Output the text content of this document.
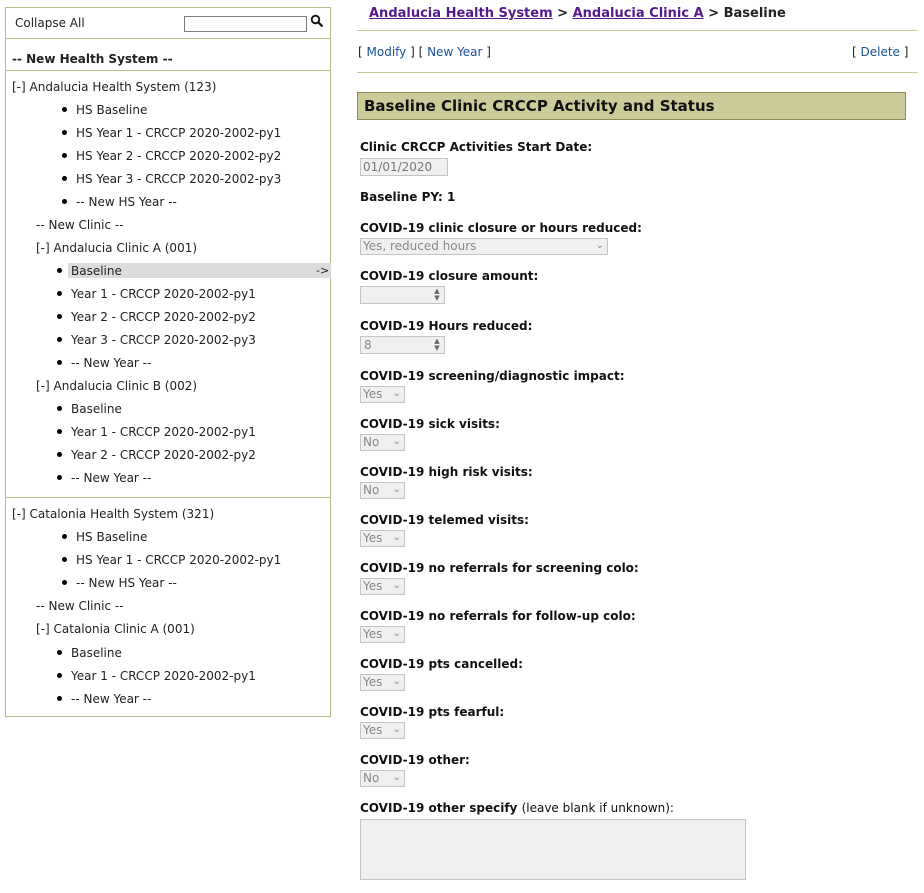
Collapse All
-- New Health System --
[-] Andalucia Health System (123)
HS Baseline
HS Year 1 - CRCCP 2020-2002-py1
HS Year 2 - CRCCP 2020-2002-py2
HS Year 3 - CRCCP 2020-2002-py3
-- New HS Year --
-- New Clinic --
[-] Andalucia Clinic A (001)
Baseline	->
Year 1 - CRCCP 2020-2002-py1
Year 2 - CRCCP 2020-2002-py2
Year 3 - CRCCP 2020-2002-py3
-- New Year --
[-] Andalucia Clinic B (002)
Baseline
Year 1 - CRCCP 2020-2002-py1
Year 2 - CRCCP 2020-2002-py2
-- New Year --
[-] Catalonia Health System (321)
HS Baseline
HS Year 1 - CRCCP 2020-2002-py1
-- New HS Year --
-- New Clinic --
[-] Catalonia Clinic A (001)
Baseline
Year 1 - CRCCP 2020-2002-py1
-- New Year --
Andalucia Health System > Andalucia Clinic A > Baseline
[ Modify ] [ New Year ]	[ Delete ]
Baseline Clinic CRCCP Activity and Status
Clinic CRCCP Activities Start Date:
01/01/2020
Baseline PY: 1
COVID-19 clinic closure or hours reduced:
Yes, reduced hours	⌄
COVID-19 closure amount:
▲
▼
COVID-19 Hours reduced:
8	▲
▼
COVID-19 screening/diagnostic impact:
Yes ⌄
COVID-19 sick visits:
No ⌄
COVID-19 high risk visits:
No ⌄
COVID-19 telemed visits:
Yes ⌄
COVID-19 no referrals for screening colo:
Yes ⌄
COVID-19 no referrals for follow-up colo:
Yes ⌄
COVID-19 pts cancelled:
Yes ⌄
COVID-19 pts fearful:
Yes ⌄
COVID-19 other:
No ⌄
COVID-19 other specify (leave blank if unknown):
